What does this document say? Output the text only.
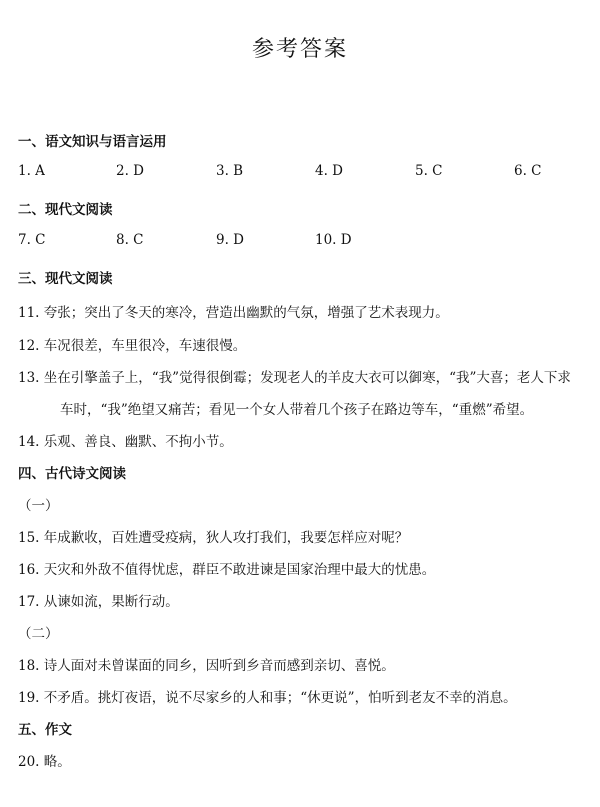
参考答案
一、语文知识与语言运用
1. A	2. D	3. B	4. D	5. C	6. C
二、现代文阅读
7. C	8. C	9. D	10. D
三、现代文阅读
11. 夸张；突出了冬天的寒冷，营造出幽默的气氛，增强了艺术表现力。
12. 车况很差，车里很冷，车速很慢。
13. 坐在引擎盖子上，“我”觉得很倒霉；发现老人的羊皮大衣可以御寒，“我”大喜；老人下求
车时，“我”绝望又痛苦；看见一个女人带着几个孩子在路边等车，“重燃”希望。
14. 乐观、善良、幽默、不拘小节。
四、古代诗文阅读
（一）
15. 年成歉收，百姓遭受疫病，狄人攻打我们，我要怎样应对呢？
16. 天灾和外敌不值得忧虑，群臣不敢进谏是国家治理中最大的忧患。
17. 从谏如流，果断行动。
（二）
18. 诗人面对未曾谋面的同乡，因听到乡音而感到亲切、喜悦。
19. 不矛盾。挑灯夜语，说不尽家乡的人和事；“休更说”，怕听到老友不幸的消息。
五、作文
20. 略。
